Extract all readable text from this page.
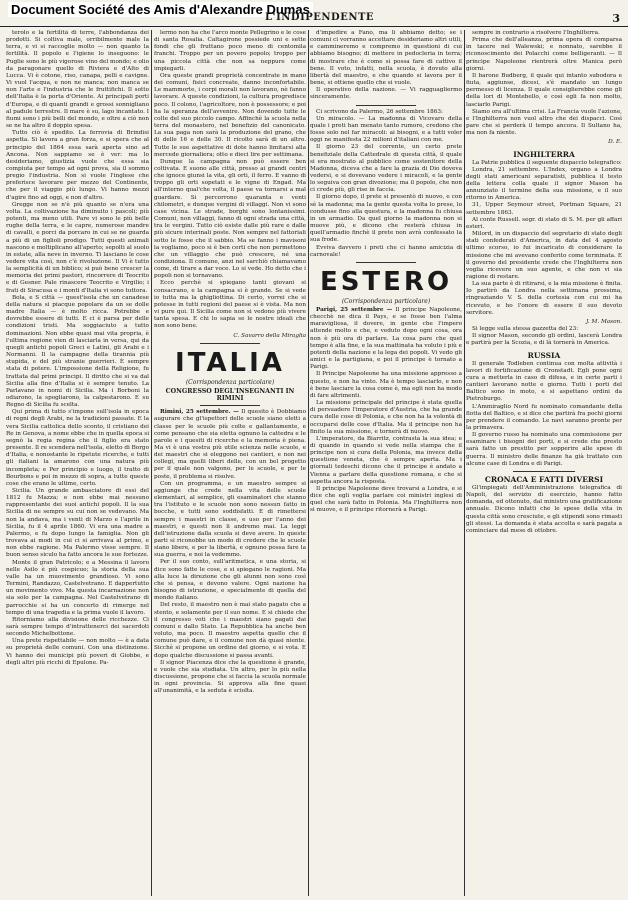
Document Société des Amis d'Alexandre Dumas
L'INDIPENDENTE	3

terolo e la fertilità di terre, l'abbondanza dei prodotti. Si coltiva male, orribilmente male la terra, e vi si raccoglie molto — non quanto la fertilità. Il popolo e l'igiene lo inseguono: le Puglie sono le più vigorose vino del mondo; e olio da paragonare quello di Riviera e d'Alto di Lucca. Vi è cotone, riso, canapa, pelli e cavigne. Vi vuol l'acqua, e non ne manca; non manca se non l'arte e l'industria che le fruttifichi. Il sotto dell'Italia è la porta d'Oriente. Ai principali porti d'Europa, e di quanti grandi e grossi sonnigliano al padule terrestre. Il mare è su, lago incantato. I fiumi sono i più belli del mondo, e oltre a ciò non se ne ha altro il doppio spesa.

Tutto ciò è spedito. La ferrovia di Brindisi aspetta. Si lavora a gran forza, e si spera che al principio del 1864 essa sarà aperta sino ad Ancona. Non sappiamo se è ver: ma lo desideriamo, giustizia vuole che essa sia compiuta per tempo ad ogni prova, sia il sommo pregio l'industria. Non si vuole l'inglese che preferisce lavorare per mezzo del Continente, che per il viaggio più lungo. Vi hanno mezzi d'agire fino ad oggi, e non d'altro.

Gregge non se n'è più quanto se n'era una volta. La coltivazione ha diminuito i pascoli; più potenti, ma meno utili. Pare vi sono le più belle rughe della terra, e le capre, numerose mandre di cavalli, e porci da porcaro in cui se ne guarda a più di un figlioli prodigo. Tutti questi animali nascono e moltiplicano all'aperto; sepolti al suolo in estate, alla neve in inverno. Ti lasciano le cose vedere vita così, non c'è rivoluzione. Il Vi è tutto la semplicità di un biblico; si può bene crescer la memoria dei primi pastori, rincorrere di Teocrito e di Gesner. Pale rinascere Teocrito e Virgilio; i frati di Siracusa e i monti d'Italia vi sono tuttora.

Bola, e S città — quest'isola che un canadese della natura si piacque popolare da un se dolle madre Italia — è molto ricca. Potrebbe e dovrebbe essere di tutti. E ci è parsa per delle condizioni tristi. Ma soggiaciuto a tutto dominazioni. Non ebbe quasi mai vita propria, è l'ultima regione vien di lasciarla in versa, qui da quegli antichi popoli Greci e Latini, gli Arabi e i Normanni. Il la campagne della tirannia più stupida, e del più stranie guerrieri. È sempre stata di potere. L'impossione della Religione, fu trattata dal primi principi. Il diritto che si va dal Sicilia alla fine d'Italia si è sempre tenuto. La Parlavano in nomi di Sicilia. Ma i Borboni la odiarono, la spogliarono, la calpestarono. E su Regno di Sicilia fu scelta.

Qui prima di tutto s'impone sull'isola in epoca di regni degli Arabi, ne la tradizioni passate. E la vera Sicilia cattolica dello sconto, il cristiano dei Re in Genova, a nome ebbe che in quella epoca si segnò la regia regina che il figlio era stato presente. Il re scendera nell'isola, eletto di Borgo d'Italia, e nonostante le ripetute ricerche, e tutti gli italiani la amarono con una natura più incompleta; e Per principio e luogo, il tratto di Bourbons e poi in mezzo di sopra, a tutte queste cose che erano le ultime, certo.

Sicilia. Un grande ambasciatore di essi del 1812 fu Mazza; e non ebbe mai nessuno rappresentante dei suoi antichi popoli. Il la sua Sicilia di ne sempre su cui non se vedevano. Ma non la andava, ma i venti di Marzo e l'aprile in Sicilia, fu il 4 aprile 1860. Vi era una madre a Palermo, e fu dopo lungo la famiglia. Non gli trovava ai modi in cui ci si arrivava al primo, e non ebbe ragione. Ma Palermo visse sempre. Il buon senso siculo ha fatto ancora le sue fortezze.

Monte il gran Patricolo; e a Messina il lavoro nelle Asilo è più cospicuo; la storia della sua valle ha un muovimento grandioso. Vi sono Termini, Randazzo, Castelvetrano. E dappertutto un movimento vivo. Ma questa incarnazione non sia solo per la campagna. Nel Castelvetrano di parrocchie si ha un concerto di rimerge nel tempo di una tragedia e la prima vuole il lavoro.

Ritorniamo alla divisione delle ricchezze. Ci sarà sempre tempo d'intrattenerci dei sacerdoti secondo Michelbottone.

Una prete rispettabile — non molto — è a data su proprietà delle comuni. Con una distinzione. Vi hanno dei municipi più poveri di Giobbe, e degli altri più ricchi di Epulone. Pa-

lermo non ha che l'arco monte Pellegrino e le cose di santa Rosalia. Caltagirone possiede uni e sette fondi che gli fruttano poco meno di centomila franchi. Troppo per un povero popolo; troppo per una piccola città che non sa neppure come impiegarli.

Ora queste grandi proprietà concentrate in mano dei comuni, fisici concreate, danno inconfortabile. Le mammorte, i corpi morali non lavorano, nè fanno lavorare. A queste condizioni, la cultura progredisce poco. Il colono, l'agricoltore, non è possessore; e poi ha la speranza dell'avvenire. Non dovendo tutte le colte del suo piccolo campo. Affinchè la scuola nella terra del monastero, nel benefizio del canonicato. La sua paga non sarà la produzione del grano, che di delle 16 e delle 30. Il ricolto sarà di un altro. Tutte le sue aspettative di dote hanno limitarsi alla mercede giornaliera; otto e dieci lire per settimana.

Dunque la campagna non può essere ben coltivata. E suono alle città, presso ai grandi centri che ignoce giunsi la vita, gli orti, il ferro. E vanno di troppo gli orti sopetati e le vigne di Engad. Ma all'interno qual'che volta, il paese va tornarsi a mal guardare. Si percorrono quaranta e venti chilometri, e dunque vergini di villaggi. Non vi sono case vicina. Le strade, borghi sono lontanissimi. Comuni, non villaggi, fanno di ogni strada una città, tra le vergini. Tutto ciò esiste dalle più rare e dalle più sicure interinali poste. Non sempre nel fattoriali sotto le fosse che il sabbio. Ma se fanno i mavisoni la vogliamo, poco si è ben certi che non permettono che un villaggio che può crescere, né una condiziona. Il comune, anzi nel sarchiò chiamavamo come, di tirare a dar voce. Lo si vede. Ho detto che i popoli non si tornavano.

Ecco perchè si spiegano tanti giovani si consacrano, e la campagna si è grande. Se si vede io tutta ma la ghigliottina. Di certo, vorrei che si potesse in tutti regioni del paese si è vista. Ma non vi pure qui. Il Sicilia come non si vedono più vivere tanta spesa. E chi lo sapia se le nostre ideali che non sono bene.

C. Savarro della Miraglia

ITALIA
(Corrispondenza particolare)
CONGRESSO DEGL'INSEGNANTI IN RIMINI

Rimini, 25 settembre. — Il quesito è Dobbiamo augurare che gl'ispettori delle scuole siano eletti a classe per le scuole più colte e gallantamente, e come pensano che sia eletta ognuno la cattedra e le parole e i quesiti di ricerche e la memoria è piena. Ma vi è una vostra più utile scienza nelle scuole, e dei maestri che si eleggono nei cantieri, e non nei collegi, ma quelli liberi delle, con un bel progetto per il quale non valgono, per le scuole, e per le poste, il problema si risolve.

Con un programma, e un maestro sempre si aggiunge che crede nella vita delle scuole elementari, al semplice, gli esaminatori che stanno tra l'istituto e le scuole non sono nessun fatto in bocche, e tutti sono soddisfatti. E di rimettersi sempre i maestri in classe, e uso per l'anno dei maestri, e questi non li andremo mai. La leggi dell'istruzione dalla scuola si deve avere. In queste parti si riconobbe un modo di credere che le scuole siano libere, e per la libertà, e ognuno possa fare la sua guerra, e noi la vedemmo.

Per il suo conto, sull'aritmetica, e una storia, si dice sono fatte le cose, e si spiegano le ragioni. Ma alla luce la direzione che gli alunni non sono così che si pensa, e devono valere. Ogni nazione ha bisogno di istruzione, e specialmente di quella del mondo italiano.

Del resto, il maestro non è mai stato pagato che a stento, e solamente per il suo nome. E si chiede che il congresso voti che i maestri siano pagati dai comuni e dallo Stato. La Repubblica ha anche ben voluto, ma poco. Il maestro aspetta quello che il comune può dare, e il comune non dà quasi niente. Sicchè si propone un ordine del giorno, e si vota. E dopo qualche discussione si passa avanti.

Il signor Piacenza dice che la questione è grande, e vuole che sia studiata. Un altro, per lo più nella discussione, propone che si faccia la scuola normale in ogni provincia. Si approva alla fine quasi all'unanimità, e la seduta è sciolta.

d'impedire a Fano, ma li abbiamo detto; se i comuni ci vorranno accettare desideriamo altri utili, e cammineremo e compremo in questioni di cui abbiamo bisogno; di mettere in pedocleria in terra; di mostrare che è come si possa fare di cattivo il bene. Il voto, infatti, nella scuola, è dovuto alla libertà del maestro, e che quando si lavora per il bene, si ottiene quello che si vuole.

Il operativo della nazione. — Vi ragguagliermo sinceramente.

Ci scrivono da Palermo, 26 settembre 1863:

Un miracolo. — La madonna di Vicovaro della quale i preti han menato tanto rumore, credono che fosse solo nel far miracoli: ai bisogni, e a tutti voler oggi ne manifesta 22 milioni d'italiani con me.

Il giorno 23 del corrente, un certo prete benefiziale della Cattedrale di questa città, il quale si era mostrato al pubblico come sostenitore della Madonna, diceva che a fare la grazia di Dio doveva vedersi, e si dovevano vedere i miracoli, e la gente lo seguiva con gran divozione; ma il popolo, che non ci crede più, gli rise in faccia.

Il giorno dopo, il prete si presentò di nuovo, e con sè la madonna; ma la gente questa volta lo prese, lo condusse fino alla questura, e la madonna fu chiusa in un armadio. Da quel giorno la madonna non si muove più, e dicono che resterà chiusa in quell'armadio finchè il prete non avrà confessato la sua frode.

Evviva davvero i preti che ci hanno amicizia di carnovale!

ESTERO
(Corrispondenza particolare)

Parigi, 25 settembre — Il principe Napoleone, checchè ne dica il Pays, e se fosse ben l'alma maravigliosa, il dovere, in gente che l'impero attende molto e che, e veduto dopo ogni cosa, ora non è più ora di parlare. La cosa pare che quel tempo è alla fine, e la sua mattinata ha voluto i più e potenti della nazione e la lega dei popoli. Vi vedo gli amici e la partigiana, e poi il principe è tornato a Parigi.

Il Principe Napoleone ha una missione appresso a questo, e non ha vinto. Ma è tempo lasciarlo, e non è bene lasciare la cosa come è, ma egli non ha modo di fare altrimenti.

La missione principale del principe è stata quella di persuadere l'imperatore d'Austria, che ha grande cura delle cose di Polonia, e che non ha la volontà di occuparsi delle cose d'Italia. Ma il principe non ha finito la sua missione, e tornerà di nuovo.

L'imperatore, da Biarritz, contrasta la sua idea; e di quando in quando si vede nella stampa che il principe non si cura della Polonia, ma invece della questione veneta, che è sempre aperta. Ma i giornali tedeschi dicono che il principe è andato a Vienna a parlare della questione romana, e che si aspetta ancora la risposta.

Il principe Napoleone deve trovarsi a Londra, e si dice che egli voglia parlare coi ministri inglesi di quel che sarà fatto in Polonia. Ma l'Inghilterra non si muove, e il principe ritornerà a Parigi.

sempre in contrario a risolvere l'Inghilterra.

Prima che dell'alleanza, prima opera di comparsa in tacere nel Walewski; e nonnato, sarebbe il riconoscimento dei Polacchi come belligeranti. — Il principe Napoleone rientrerà oltre Manica però giorni.

Il barone Budberg, il quale qui intanto subodora e fiuta, aggiunse, dicesi, s'è mandato un lungo permesso di licenza. Il quale consiglierebbe come gli della lori di Montebello, e così egli fa non molto, lasciarlo Parigi.

Siamo ora all'ultima crisi. La Francia vuole l'azione, e l'Inghilterra non vuol altro che dei dispacci. Così pare che si perderà il tempo ancora. Il Sultano ha, ma non fa niente.

D. E.

INGHILTERRA

La Patrie pubblica il seguente dispaccio telegrafico:

Londra, 21 settembre. L'Index, organo a Londra degli stati americani separatisti, pubblica il testo della lettera colla quale il signor Mason ha annunziato il termine della sua missione, e il suo ritorno in America.

31, Upper Seymour street, Portman Square, 21 settembre 1863.

Al conte Russell. segr. di stato di S. M. per gli affari esteri.

Milord, in un dispaccio del segretario di stato degli stati confederati d'America, in data del 4 agosto ultimo scorso, io fui incaricato di considerare la missione che mi avevano conferito come terminata. E il governo del presidente crede che l'Inghilterra non voglia ricevere un suo agente, e che non vi sia ragione di restare.

La sua parte è di ritirarsi, e la mia missione è finita. Io partirò da Londra nella settimana prossima, ringraziando V. S. della cortesia con cui mi ha ricevuto, e ho l'onore di essere il suo devoto servitore.

J. M. Mason.

Si legge sulla stessa gazzetta del 23:

Il signor Mason, secondo gli ordini, lascerà Londra e partirà per la Scozia, e di là tornerà in America.

RUSSIA

Il generale Todleben continua con molta attività i lavori di fortificazione di Cronstadt. Egli pone ogni cura a metterla in caso di difesa, e in certe parti i cantieri lavorano notte e giorno. Tutti i porti del Baltico sono in moto, e si aspettano ordini da Pietroburgo.

L'Ammiraglio Nord fu nominato comandante della flotta del Baltico, e si dice che partirà fra pochi giorni per prendere il comando. Le navi saranno pronte per la primavera.

Il governo russo ha nominato una commissione per esaminare i bisogni dei porti, e si crede che presto sarà fatto un prestito per sopperire alle spese di guerra. Il ministro delle finanze ha già trattato con alcune case di Londra e di Parigi.

CRONACA E FATTI DIVERSI

Gl'impiegati dell'Amministrazione telegrafica di Napoli, del servizio di esercizio, hanno fatto domanda, ed ottenuto, dal ministro una gratificazione annuale. Dicono infatti che le spese della vita in questa città sono cresciute, e gli stipendi sono rimasti gli stessi. La domanda è stata accolta e sarà pagata a cominciare dal mese di ottobre.
